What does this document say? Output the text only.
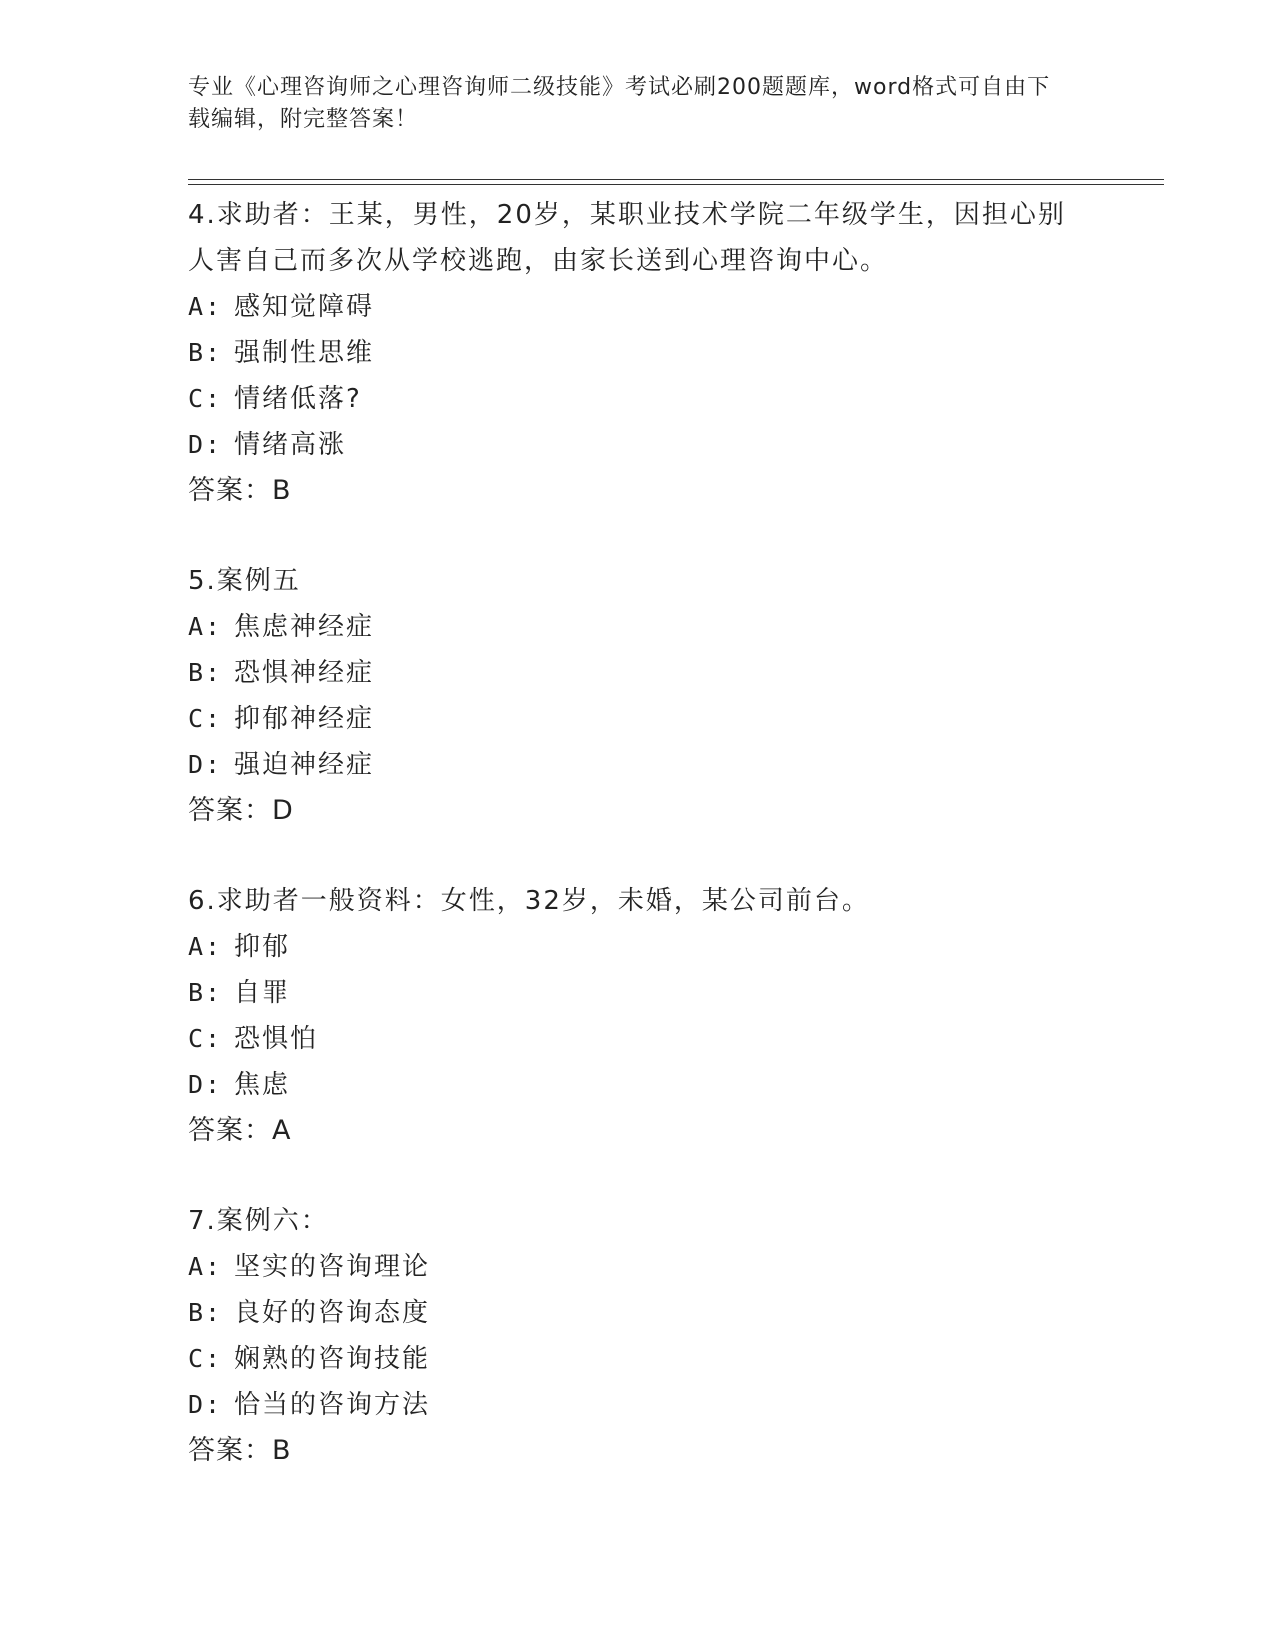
专业《心理咨询师之心理咨询师二级技能》考试必刷200题题库，word格式可自由下载编辑，附完整答案！
4.求助者：王某，男性，20岁，某职业技术学院二年级学生，因担心别人害自己而多次从学校逃跑，由家长送到心理咨询中心。
A: 感知觉障碍
B: 强制性思维
C: 情绪低落?
D: 情绪高涨
答案：B
5.案例五
A: 焦虑神经症
B: 恐惧神经症
C: 抑郁神经症
D: 强迫神经症
答案：D
6.求助者一般资料：女性，32岁，未婚，某公司前台。
A: 抑郁
B: 自罪
C: 恐惧怕
D: 焦虑
答案：A
7.案例六：
A: 坚实的咨询理论
B: 良好的咨询态度
C: 娴熟的咨询技能
D: 恰当的咨询方法
答案：B
